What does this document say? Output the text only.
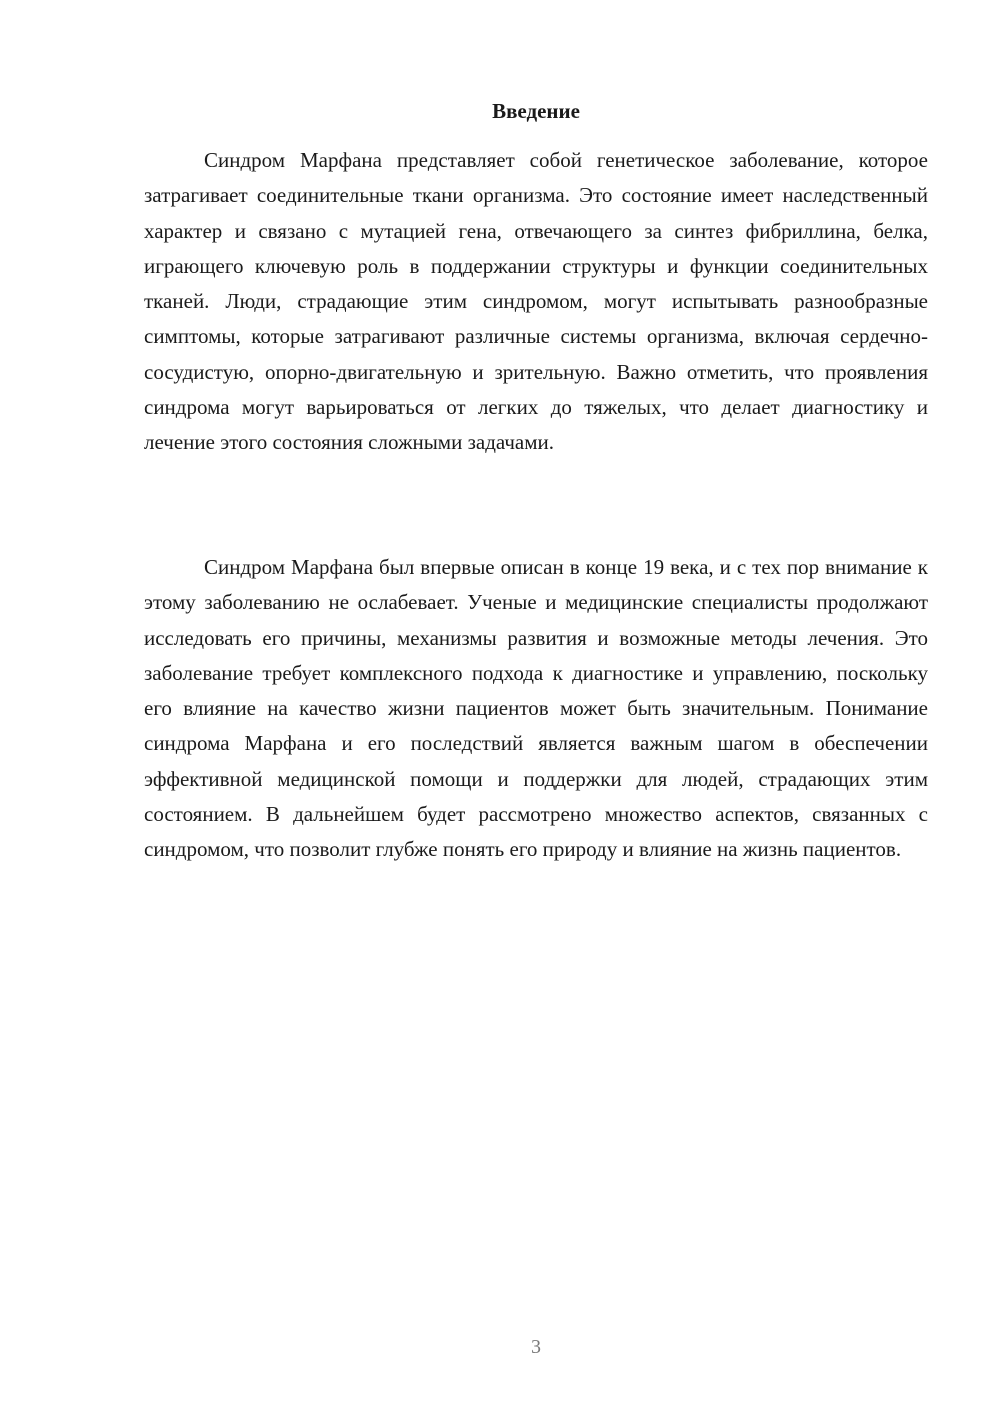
Введение

Синдром Марфана представляет собой генетическое заболевание, которое затрагивает соединительные ткани организма. Это состояние имеет наследственный характер и связано с мутацией гена, отвечающего за синтез фибриллина, белка, играющего ключевую роль в поддержании структуры и функции соединительных тканей. Люди, страдающие этим синдромом, могут испытывать разнообразные симптомы, которые затрагивают различные системы организма, включая сердечно-сосудистую, опорно-двигательную и зрительную. Важно отметить, что проявления синдрома могут варьироваться от легких до тяжелых, что делает диагностику и лечение этого состояния сложными задачами.

Синдром Марфана был впервые описан в конце 19 века, и с тех пор внимание к этому заболеванию не ослабевает. Ученые и медицинские специалисты продолжают исследовать его причины, механизмы развития и возможные методы лечения. Это заболевание требует комплексного подхода к диагностике и управлению, поскольку его влияние на качество жизни пациентов может быть значительным. Понимание синдрома Марфана и его последствий является важным шагом в обеспечении эффективной медицинской помощи и поддержки для людей, страдающих этим состоянием. В дальнейшем будет рассмотрено множество аспектов, связанных с синдромом, что позволит глубже понять его природу и влияние на жизнь пациентов.

3
